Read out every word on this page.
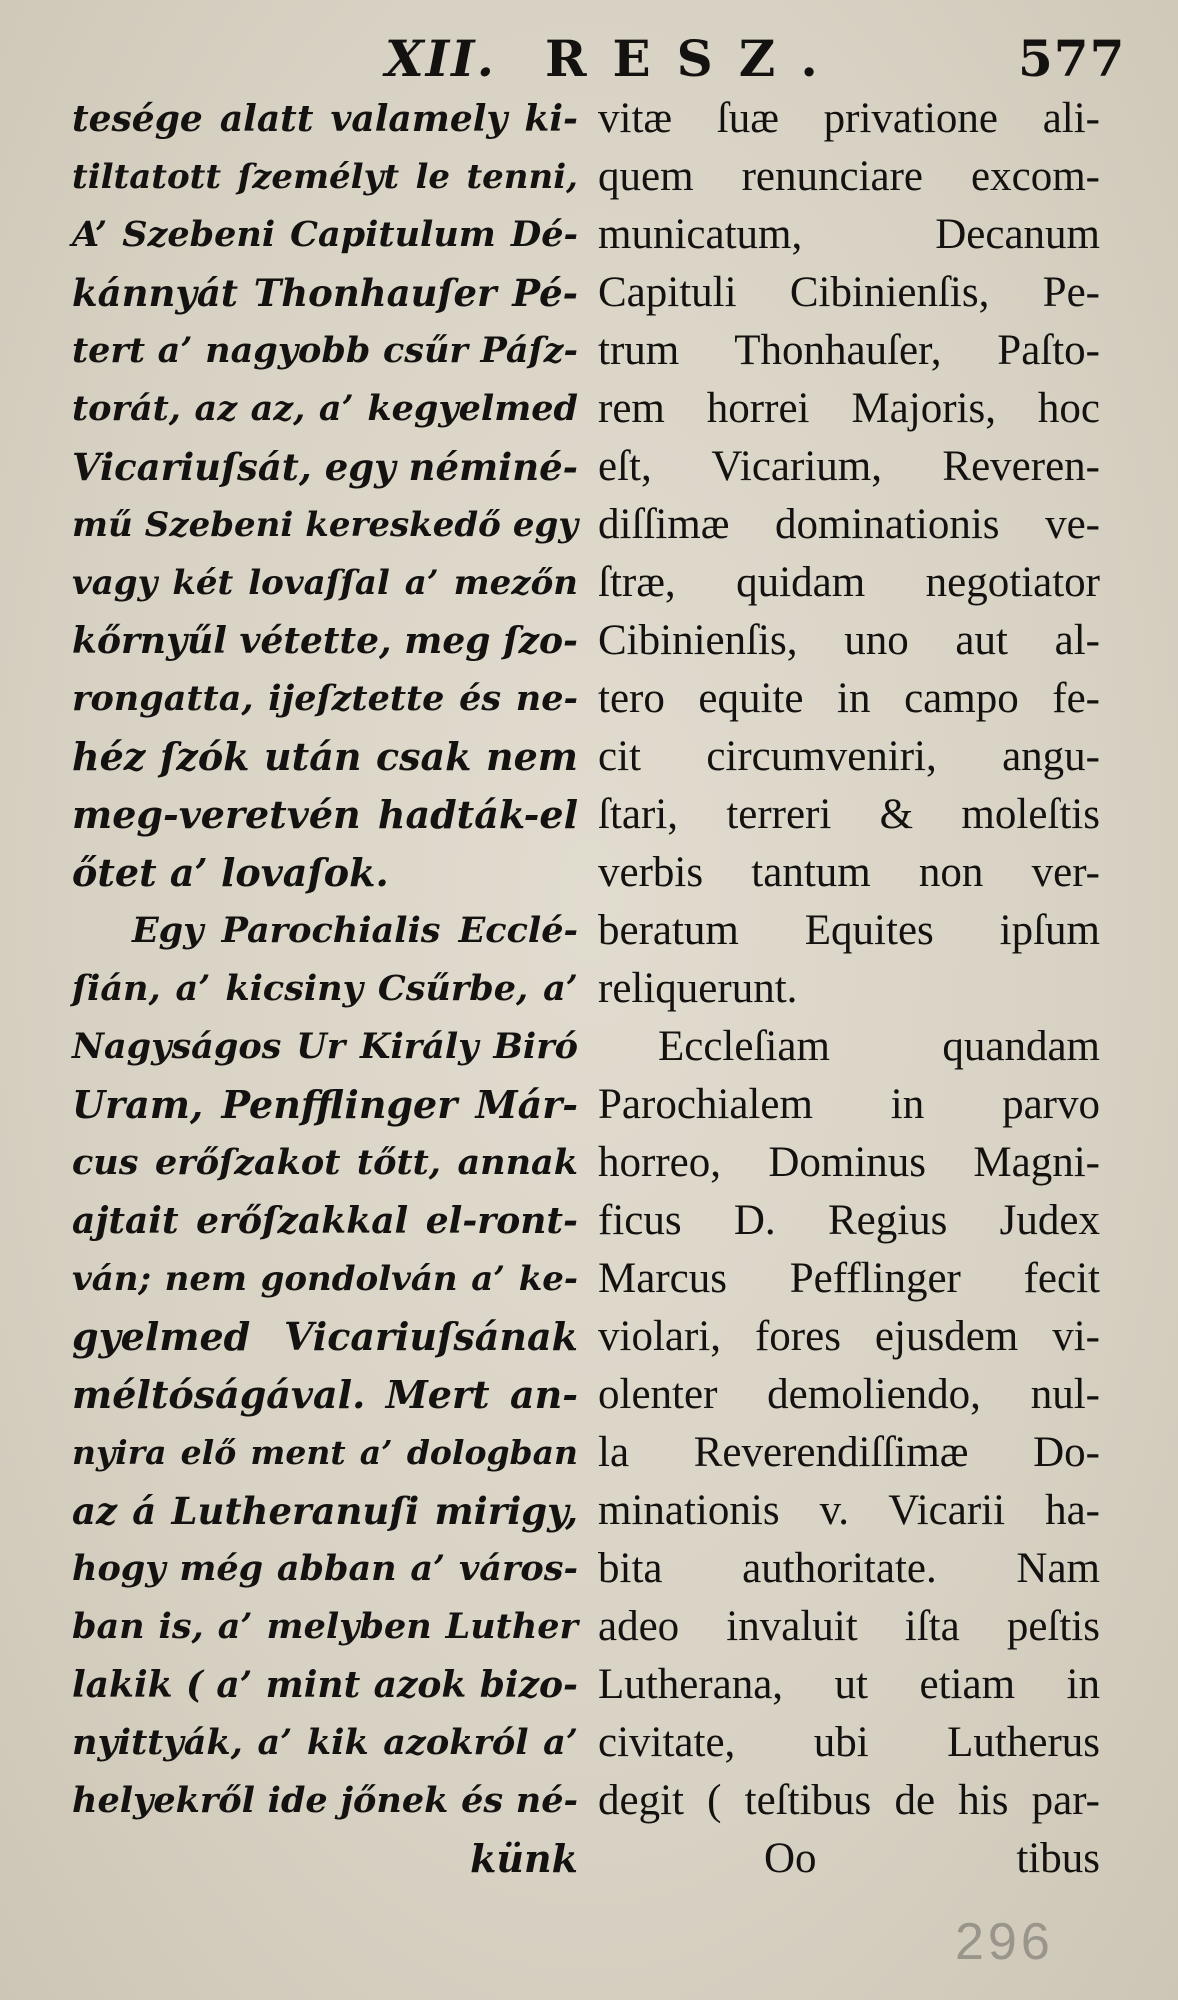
XII. RESZ.	577
tesége alatt valamely ki-
tiltatott ſzemélyt le tenni,
A’ Szebeni Capitulum Dé-
kánnyát Thonhauſer Pé-
tert a’ nagyobb csűr Páſz-
torát, az az, a’ kegyelmed
Vicariuſsát, egy néminé-
mű Szebeni kereskedő egy
vagy két lovaſſal a’ mezőn
kőrnyűl vétette, meg ſzo-
rongatta, ijeſztette és ne-
héz ſzók után csak nem
meg-veretvén hadták-el
őtet a’ lovaſok.
Egy Parochialis Ecclé-
ſián, a’ kicsiny Csűrbe, a’
Nagyságos Ur Király Biró
Uram, Penfflinger Már-
cus erőſzakot tőtt, annak
ajtait erőſzakkal el-ront-
ván; nem gondolván a’ ke-
gyelmed Vicariuſsának
méltóságával. Mert an-
nyira elő ment a’ dologban
az á Lutheranuſi mirigy,
hogy még abban a’ város-
ban is, a’ melyben Luther
lakik ( a’ mint azok bizo-
nyittyák, a’ kik azokról a’
helyekről ide jőnek és né-
künk
vitæ ſuæ privatione ali-
quem renunciare excom-
municatum, Decanum
Capituli Cibinienſis, Pe-
trum Thonhauſer, Paſto-
rem horrei Majoris, hoc
eſt, Vicarium, Reveren-
diſſimæ dominationis ve-
ſtræ, quidam negotiator
Cibinienſis, uno aut al-
tero equite in campo fe-
cit circumveniri, angu-
ſtari, terreri & moleſtis
verbis tantum non ver-
beratum Equites ipſum
reliquerunt.
Eccleſiam quandam
Parochialem in parvo
horreo, Dominus Magni-
ficus D. Regius Judex
Marcus Pefflinger fecit
violari, fores ejusdem vi-
olenter demoliendo, nul-
la Reverendiſſimæ Do-
minationis v. Vicarii ha-
bita authoritate. Nam
adeo invaluit iſta peſtis
Lutherana, ut etiam in
civitate, ubi Lutherus
degit ( teſtibus de his par-
Oo	tibus
296
